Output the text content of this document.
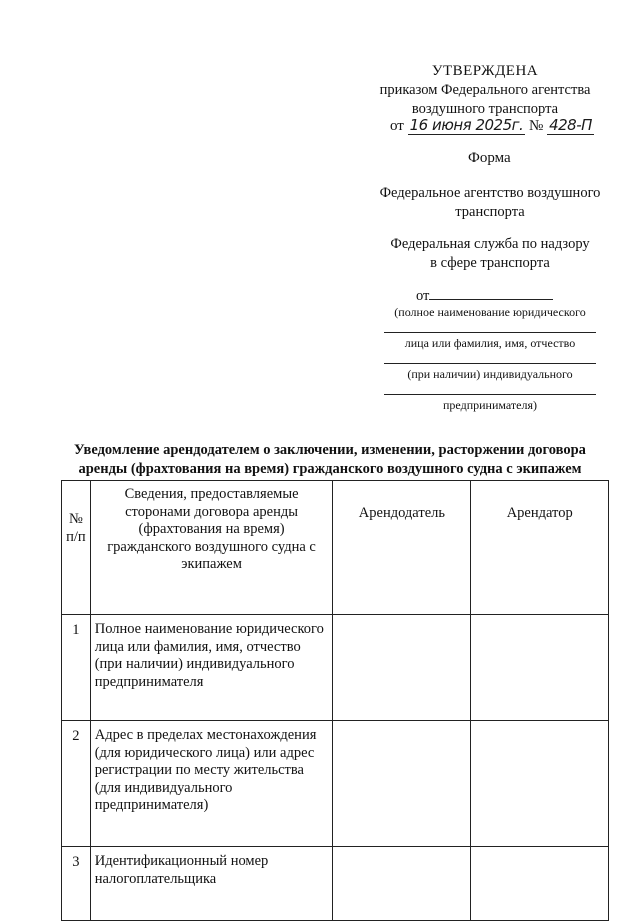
УТВЕРЖДЕНА
приказом Федерального агентства
воздушного транспорта
от 16 июня 2025г. № 428-П
Форма
Федеральное агентство воздушного
транспорта
Федеральная служба по надзору
в сфере транспорта
от
(полное наименование юридического
лица или фамилия, имя, отчество
(при наличии) индивидуального
предпринимателя)
Уведомление арендодателем о заключении, изменении, расторжении договора
аренды (фрахтования на время) гражданского воздушного судна с экипажем
№
п/п	Сведения, предоставляемые сторонами договора аренды (фрахтования на время) гражданского воздушного судна с экипажем	Арендодатель	Арендатор
1	Полное наименование юридического лица или фамилия, имя, отчество (при наличии) индивидуального предпринимателя		
2	Адрес в пределах местонахождения (для юридического лица) или адрес регистрации по месту жительства (для индивидуального предпринимателя)		
3	Идентификационный номер налогоплательщика		
